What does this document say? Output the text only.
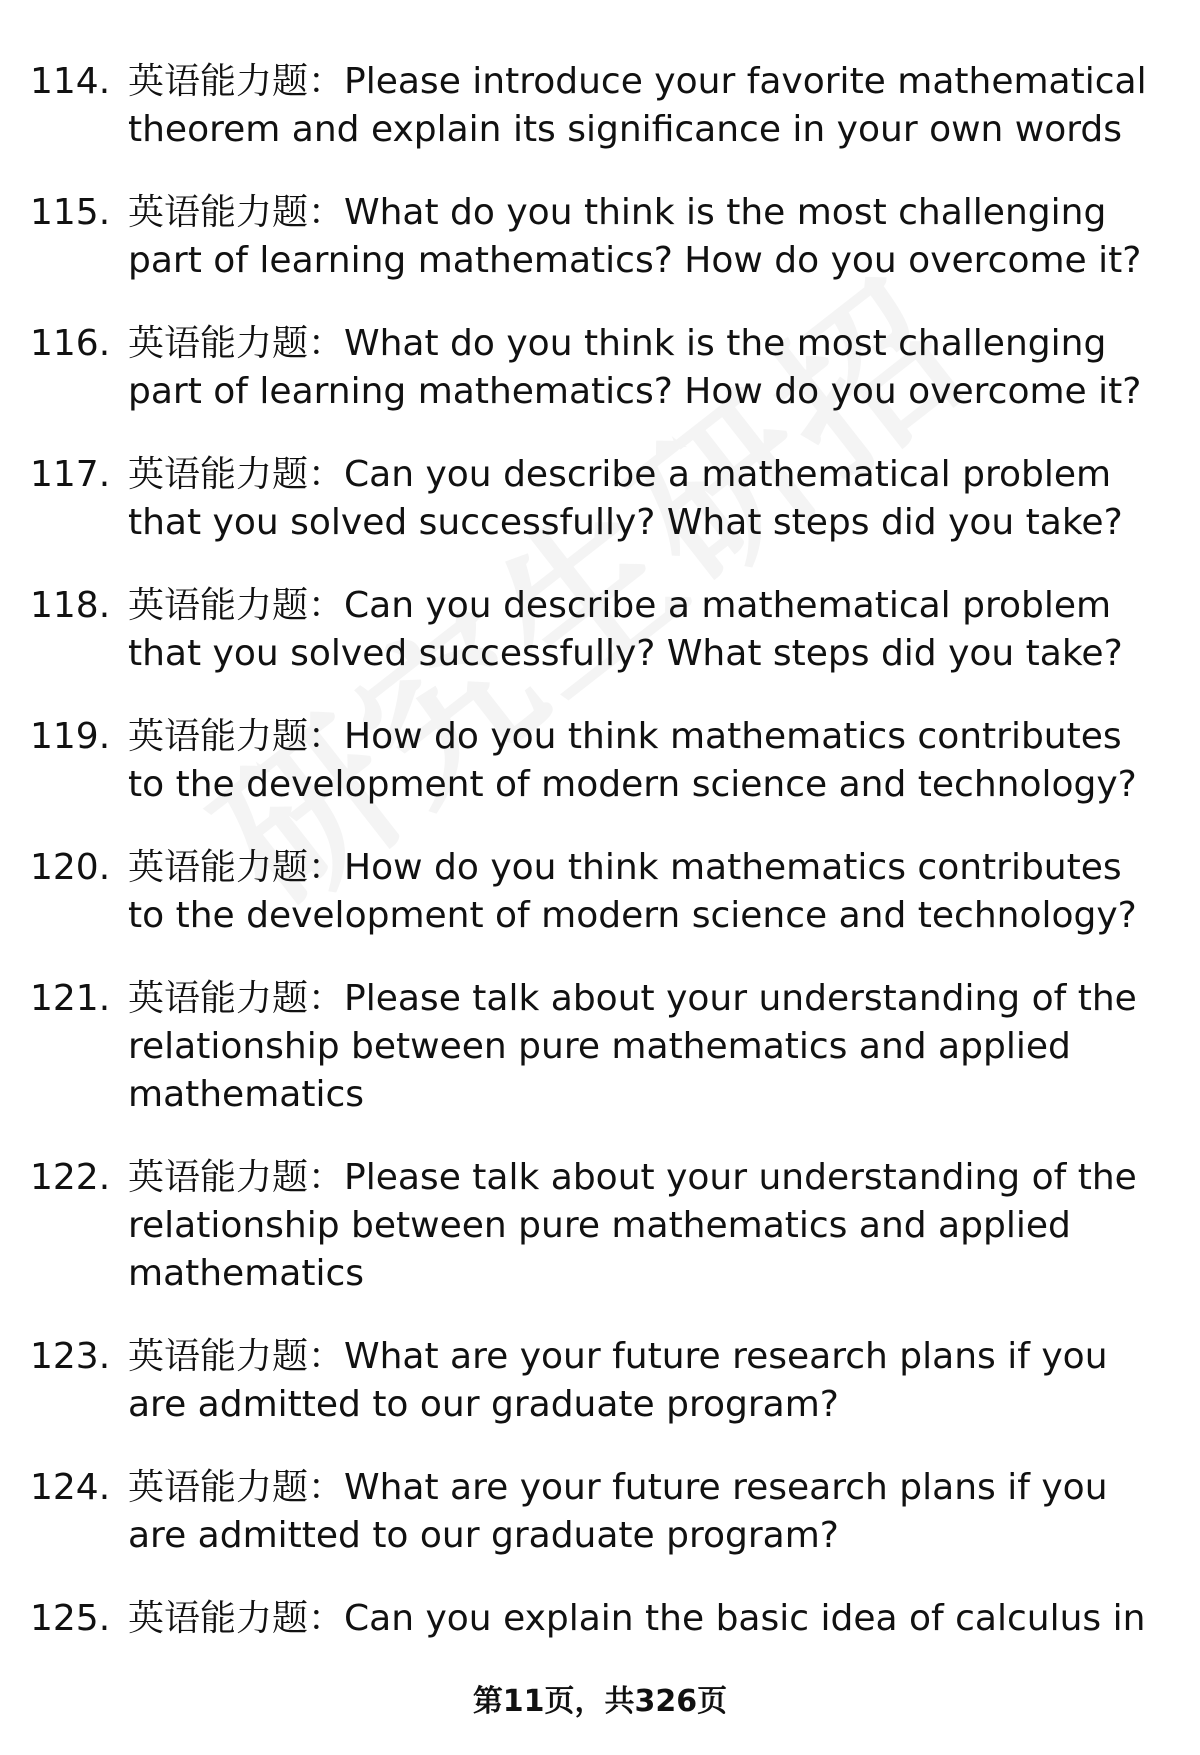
114. 英语能力题：Please introduce your favorite mathematical theorem and explain its significance in your own words
115. 英语能力题：What do you think is the most challenging part of learning mathematics? How do you overcome it?
116. 英语能力题：What do you think is the most challenging part of learning mathematics? How do you overcome it?
117. 英语能力题：Can you describe a mathematical problem that you solved successfully? What steps did you take?
118. 英语能力题：Can you describe a mathematical problem that you solved successfully? What steps did you take?
119. 英语能力题：How do you think mathematics contributes to the development of modern science and technology?
120. 英语能力题：How do you think mathematics contributes to the development of modern science and technology?
121. 英语能力题：Please talk about your understanding of the relationship between pure mathematics and applied mathematics
122. 英语能力题：Please talk about your understanding of the relationship between pure mathematics and applied mathematics
123. 英语能力题：What are your future research plans if you are admitted to our graduate program?
124. 英语能力题：What are your future research plans if you are admitted to our graduate program?
125. 英语能力题：Can you explain the basic idea of calculus in
第11页，共326页
